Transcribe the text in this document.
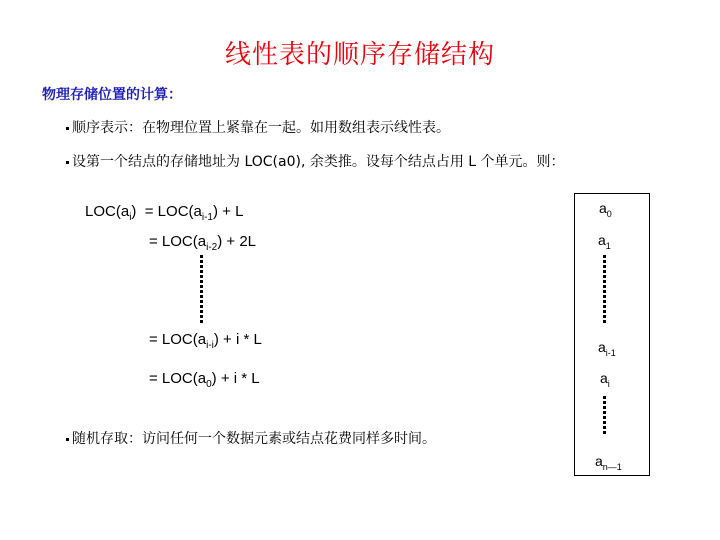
线性表的顺序存储结构
物理存储位置的计算：
顺序表示：在物理位置上紧靠在一起。如用数组表示线性表。
设第一个结点的存储地址为 LOC(a0), 余类推。设每个结点占用 L 个单元。则：
$LOC(a_i) = LOC(a_{i-1}) + L$
= $LOC(a_{i-2}) + 2L$
= $LOC(a_{i-i}) + i * L$
= $LOC(a_0) + i * L$
随机存取：访问任何一个数据元素或结点花费同样多时间。
$a_0$
$a_1$
$a_{i-1}$
$a_i$
$a_{n—1}$
